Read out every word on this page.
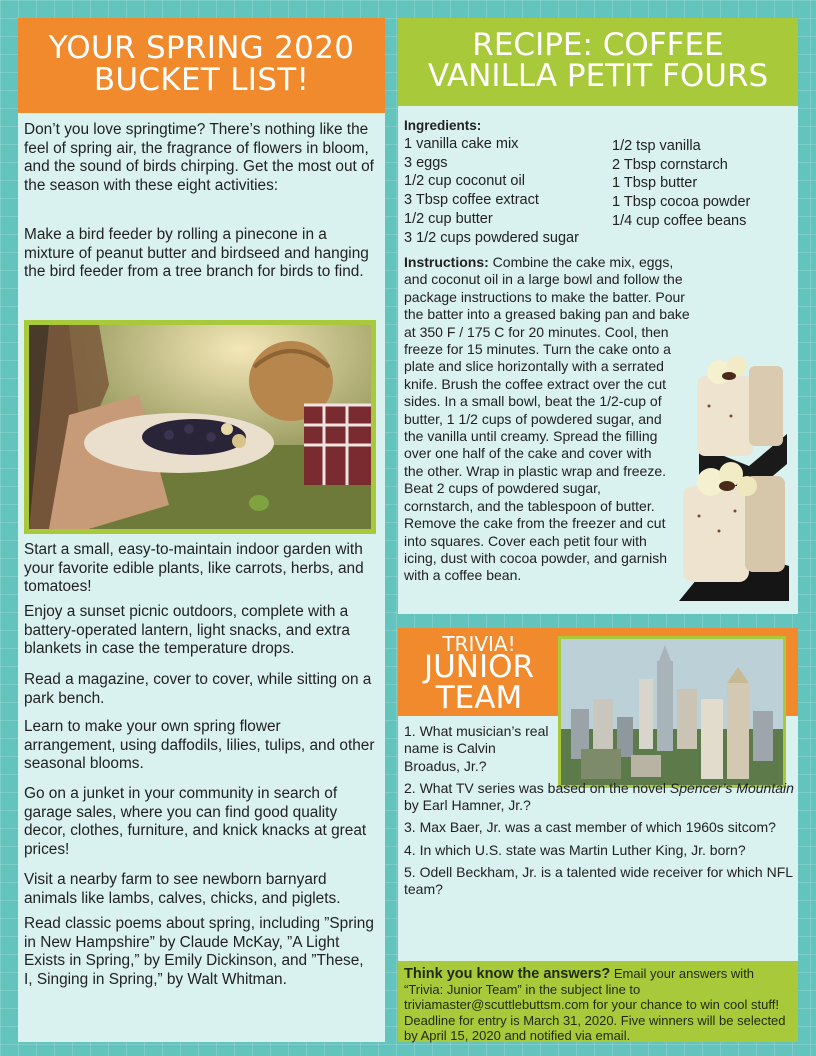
YOUR SPRING 2020
BUCKET LIST!

Don’t you love springtime? There’s nothing like the feel of spring air, the fragrance of flowers in bloom, and the sound of birds chirping. Get the most out of the season with these eight activities:

Make a bird feeder by rolling a pinecone in a mixture of peanut butter and birdseed and hanging the bird feeder from a tree branch for birds to find.

Start a small, easy-to-maintain indoor garden with your favorite edible plants, like carrots, herbs, and tomatoes!

Enjoy a sunset picnic outdoors, complete with a battery-operated lantern, light snacks, and extra blankets in case the temperature drops.

Read a magazine, cover to cover, while sitting on a park bench.

Learn to make your own spring flower arrangement, using daffodils, lilies, tulips, and other seasonal blooms.

Go on a junket in your community in search of garage sales, where you can find good quality decor, clothes, furniture, and knick knacks at great prices!

Visit a nearby farm to see newborn barnyard animals like lambs, calves, chicks, and piglets.

Read classic poems about spring, including ”Spring in New Hampshire” by Claude McKay, ”A Light Exists in Spring,” by Emily Dickinson, and ”These, I, Singing in Spring,” by Walt Whitman.

RECIPE: COFFEE
VANILLA PETIT FOURS
Ingredients:
1 vanilla cake mix
3 eggs
1/2 cup coconut oil
3 Tbsp coffee extract
1/2 cup butter
3 1/2 cups powdered sugar
1/2 tsp vanilla
2 Tbsp cornstarch
1 Tbsp butter
1 Tbsp cocoa powder
1/4 cup coffee beans
Instructions: Combine the cake mix, eggs, and coconut oil in a large bowl and follow the package instructions to make the batter. Pour the batter into a greased baking pan and bake at 350 F / 175 C for 20 minutes. Cool, then freeze for 15 minutes. Turn the cake onto a plate and slice horizontally with a serrated knife. Brush the coffee extract over the cut sides. In a small bowl, beat the 1/2-cup of butter, 1 1/2 cups of powdered sugar, and the vanilla until creamy. Spread the filling over one half of the cake and cover with the other. Wrap in plastic wrap and freeze. Beat 2 cups of powdered sugar, cornstarch, and the tablespoon of butter. Remove the cake from the freezer and cut into squares. Cover each petit four with icing, dust with cocoa powder, and garnish with a coffee bean.
TRIVIA!
JUNIOR
TEAM
1. What musician’s real name is Calvin Broadus, Jr.?
2. What TV series was based on the novel Spencer’s Mountain by Earl Hamner, Jr.?
3. Max Baer, Jr. was a cast member of which 1960s sitcom?
4. In which U.S. state was Martin Luther King, Jr. born?
5. Odell Beckham, Jr. is a talented wide receiver for which NFL team?
Think you know the answers? Email your answers with “Trivia: Junior Team” in the subject line to triviamaster@scuttlebuttsm.com for your chance to win cool stuff! Deadline for entry is March 31, 2020. Five winners will be selected by April 15, 2020 and notified via email.
